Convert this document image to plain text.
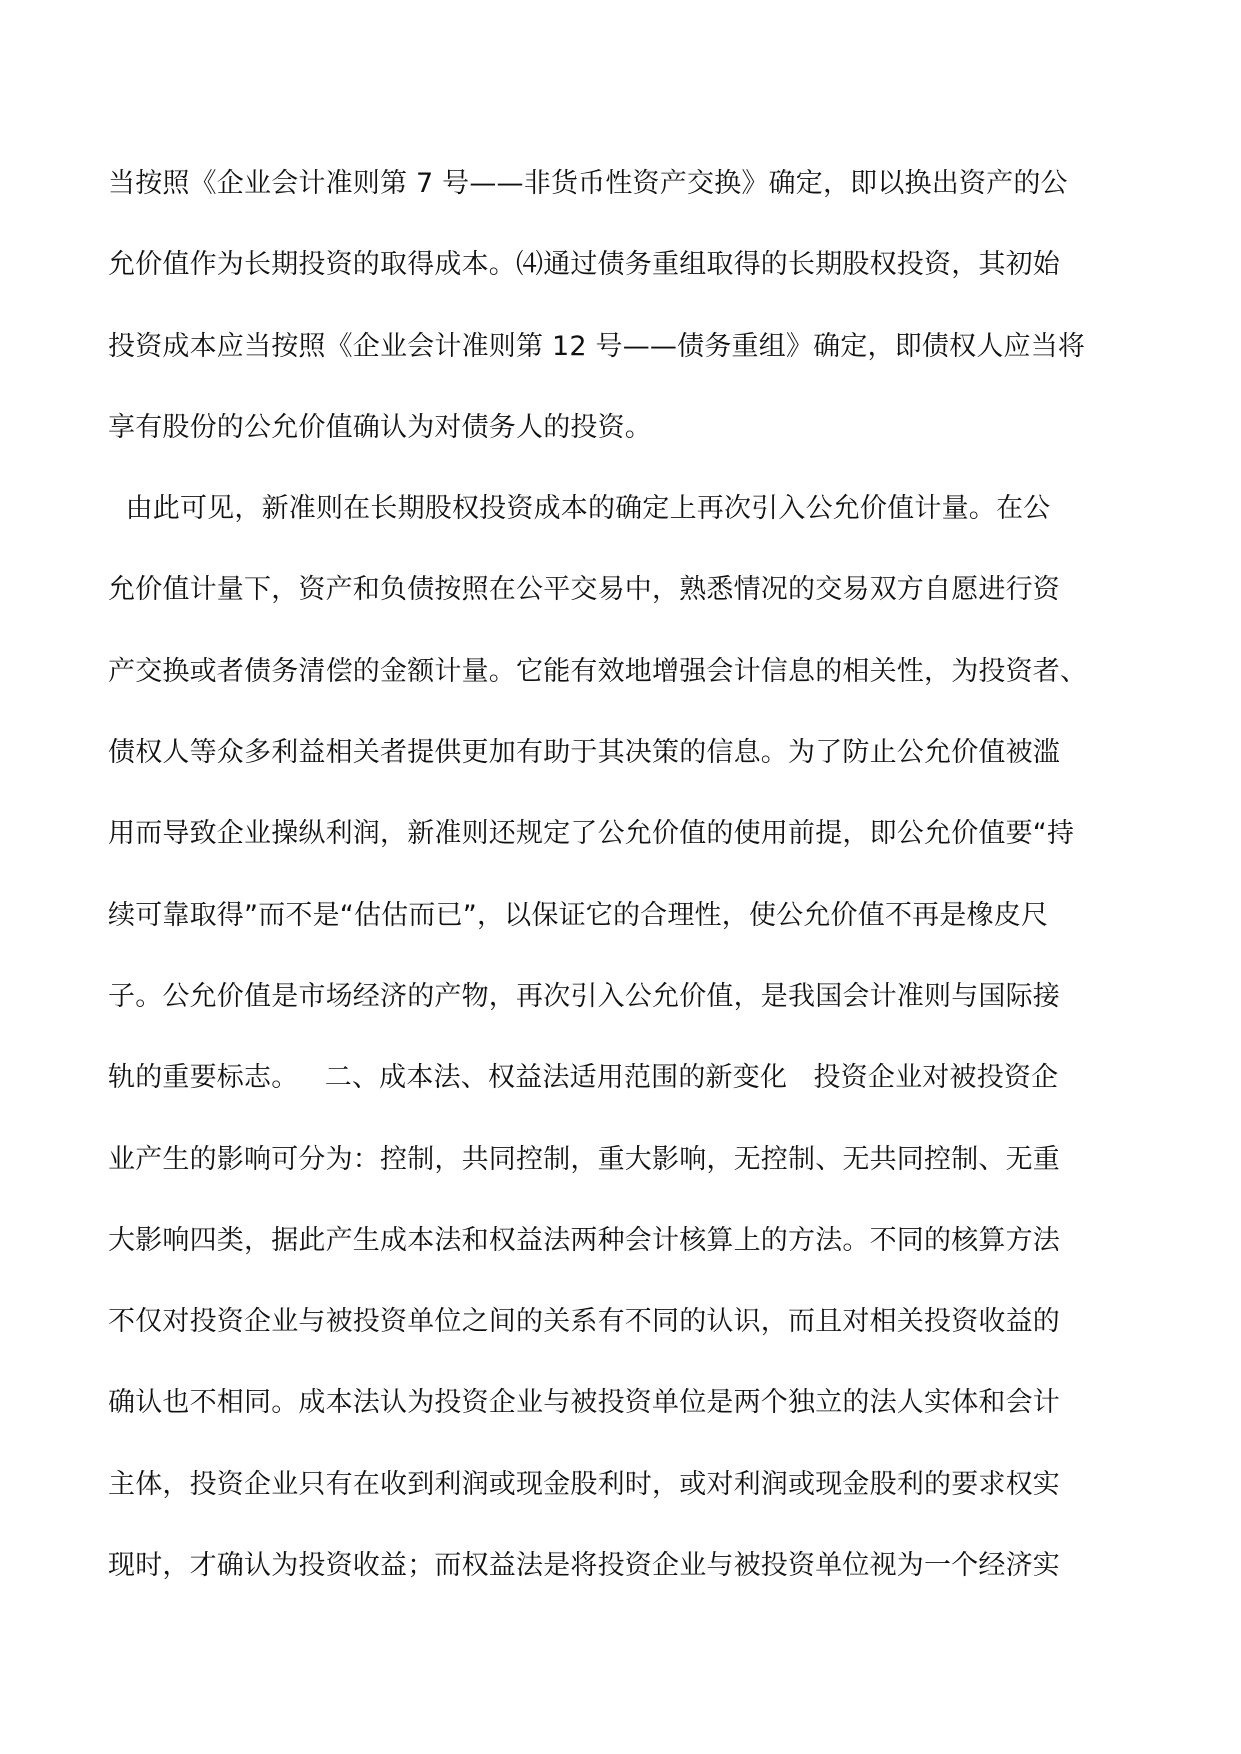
当按照《企业会计准则第 7 号——非货币性资产交换》确定，即以换出资产的公
允价值作为长期投资的取得成本。⑷通过债务重组取得的长期股权投资，其初始
投资成本应当按照《企业会计准则第 12 号——债务重组》确定，即债权人应当将
享有股份的公允价值确认为对债务人的投资。
由此可见，新准则在长期股权投资成本的确定上再次引入公允价值计量。在公
允价值计量下，资产和负债按照在公平交易中，熟悉情况的交易双方自愿进行资
产交换或者债务清偿的金额计量。它能有效地增强会计信息的相关性，为投资者、
债权人等众多利益相关者提供更加有助于其决策的信息。为了防止公允价值被滥
用而导致企业操纵利润，新准则还规定了公允价值的使用前提，即公允价值要“持
续可靠取得”而不是“估估而已”，以保证它的合理性，使公允价值不再是橡皮尺
子。公允价值是市场经济的产物，再次引入公允价值，是我国会计准则与国际接
轨的重要标志。   二、成本法、权益法适用范围的新变化   投资企业对被投资企
业产生的影响可分为：控制，共同控制，重大影响，无控制、无共同控制、无重
大影响四类，据此产生成本法和权益法两种会计核算上的方法。不同的核算方法
不仅对投资企业与被投资单位之间的关系有不同的认识，而且对相关投资收益的
确认也不相同。成本法认为投资企业与被投资单位是两个独立的法人实体和会计
主体，投资企业只有在收到利润或现金股利时，或对利润或现金股利的要求权实
现时，才确认为投资收益；而权益法是将投资企业与被投资单位视为一个经济实
